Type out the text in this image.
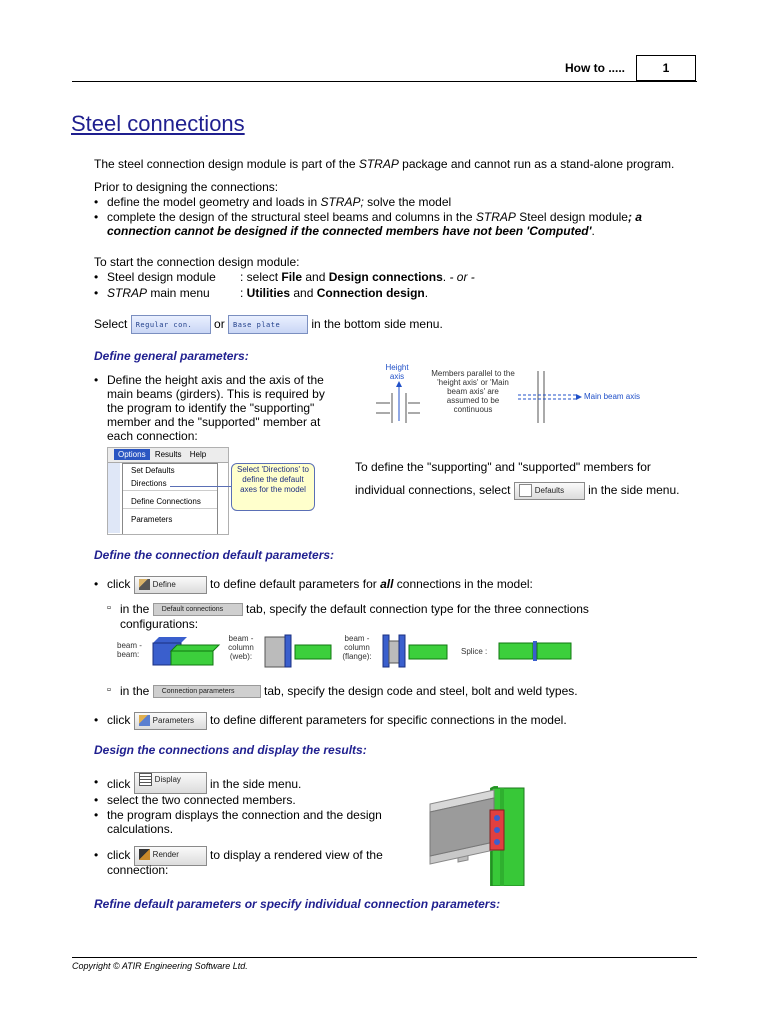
How to .....	1
Steel connections
The steel connection design module is part of the STRAP package and cannot run as a stand-alone program.
Prior to designing the connections:
• define the model geometry and loads in STRAP; solve the model
• complete the design of the structural steel beams and columns in the STRAP Steel design module; a
connection cannot be designed if the connected members have not been 'Computed'.
To start the connection design module:
• Steel design module : select File and Design connections. - or -
• STRAP main menu	: Utilities and Connection design.
Select Regular con. or Base plate in the bottom side menu.
Define general parameters:
• Define the height axis and the axis of the
main beams (girders). This is required by
the program to identify the "supporting"
member and the "supported" member at
each connection:
Options Results Help
Set Defaults
Directions
Define Connections
Parameters
Select 'Directions' to define the default axes for the model
Height axis	Members parallel to the 'height axis' or 'Main beam axis' are assumed to be continuous
Main beam axis
To define the "supporting" and "supported" members for
individual connections, select	Defaults in the side menu.
Define the connection default parameters:
• click Define	to define default parameters for all connections in the model:
▫ in the Default connections tab, specify the default connection type for the three connections
configurations:
beam - beam:
beam -column (web):
beam -column (flange):
Splice :
▫ in the Connection parameters tab, specify the design code and steel, bolt and weld types.
• click Parameters to define different parameters for specific connections in the model.
Design the connections and display the results:
• click	Display in the side menu.
• select the two connected members.
• the program displays the connection and the design
calculations.
• click Render to display a rendered view of the
connection:
Refine default parameters or specify individual connection parameters:
Copyright © ATIR Engineering Software Ltd.
